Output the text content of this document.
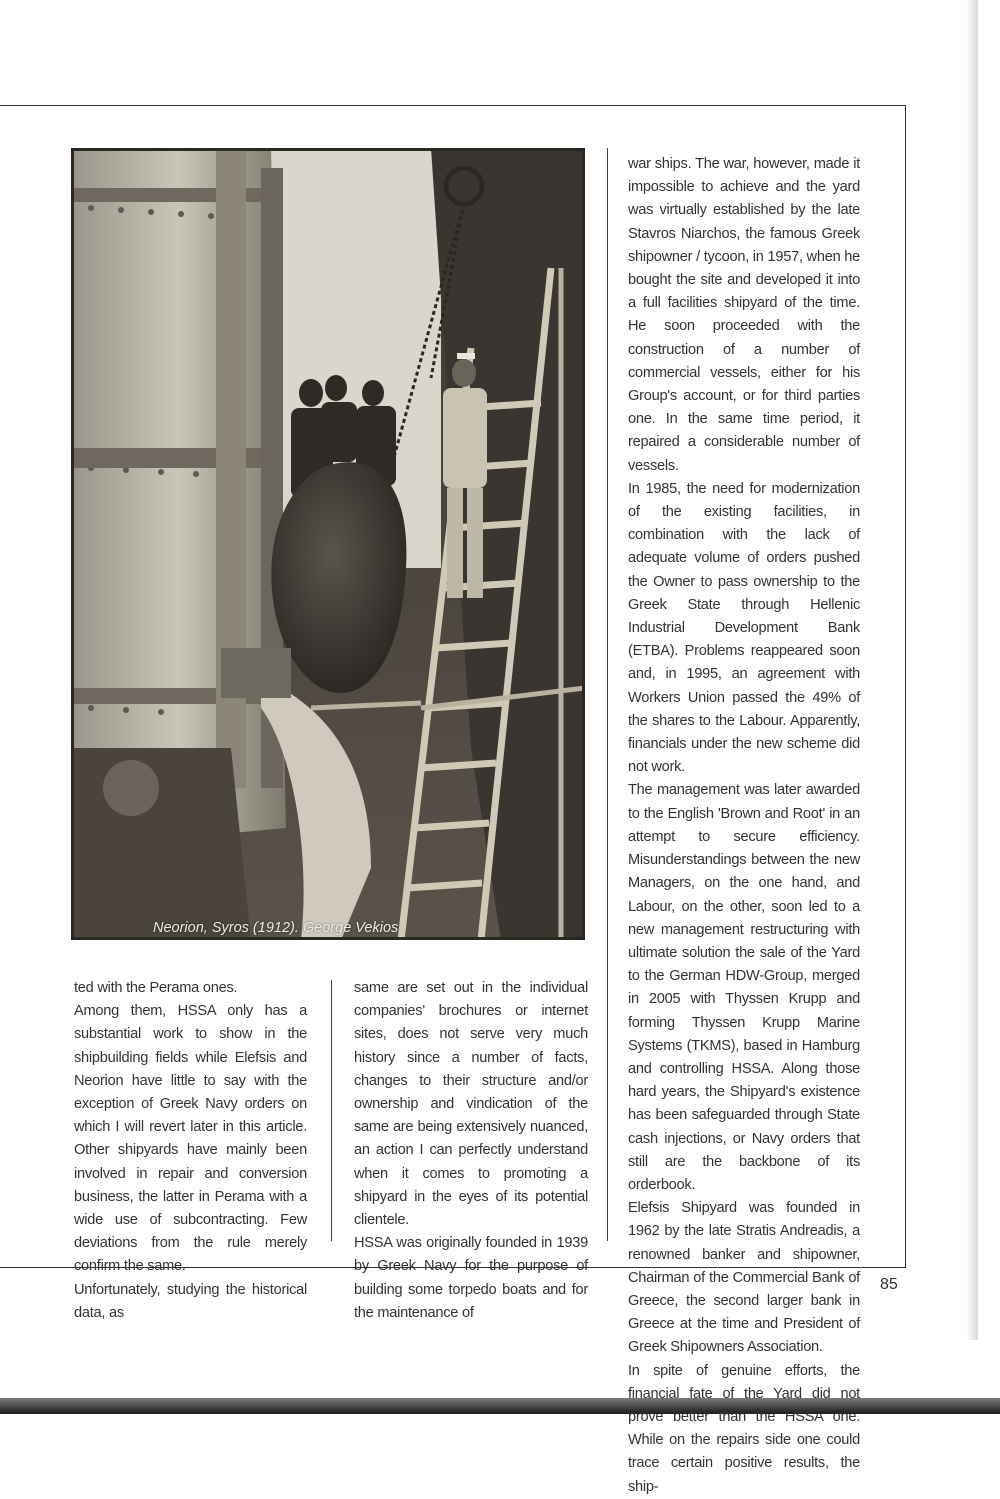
Neorion, Syros (1912). George Vekios

ted with the Perama ones.

Among them, HSSA only has a substantial work to show in the shipbuilding fields while Elefsis and Neorion have little to say with the exception of Greek Navy orders on which I will revert later in this article. Other shipyards have mainly been involved in repair and conversion business, the latter in Perama with a wide use of subcontracting. Few deviations from the rule merely confirm the same.

Unfortunately, studying the historical data, as

same are set out in the individual companies' brochures or internet sites, does not serve very much history since a number of facts, changes to their structure and/or ownership and vindication of the same are being extensively nuanced, an action I can perfectly understand when it comes to promoting a shipyard in the eyes of its potential clientele.

HSSA was originally founded in 1939 by Greek Navy for the purpose of building some torpedo boats and for the maintenance of

war ships. The war, however, made it impossible to achieve and the yard was virtually established by the late Stavros Niarchos, the famous Greek shipowner / tycoon, in 1957, when he bought the site and developed it into a full facilities shipyard of the time. He soon proceeded with the construction of a number of commercial vessels, either for his Group's account, or for third parties one. In the same time period, it repaired a considerable number of vessels.

In 1985, the need for modernization of the existing facilities, in combination with the lack of adequate volume of orders pushed the Owner to pass ownership to the Greek State through Hellenic Industrial Development Bank (ETBA). Problems reappeared soon and, in 1995, an agreement with Workers Union passed the 49% of the shares to the Labour. Apparently, financials under the new scheme did not work.

The management was later awarded to the English 'Brown and Root' in an attempt to secure efficiency. Misunderstandings between the new Managers, on the one hand, and Labour, on the other, soon led to a new management restructuring with ultimate solution the sale of the Yard to the German HDW-Group, merged in 2005 with Thyssen Krupp and forming Thyssen Krupp Marine Systems (TKMS), based in Hamburg and controlling HSSA. Along those hard years, the Shipyard's existence has been safeguarded through State cash injections, or Navy orders that still are the backbone of its orderbook.

Elefsis Shipyard was founded in 1962 by the late Stratis Andreadis, a renowned banker and shipowner, Chairman of the Commercial Bank of Greece, the second larger bank in Greece at the time and President of Greek Shipowners Association.

In spite of genuine efforts, the financial fate of the Yard did not prove better than the HSSA one. While on the repairs side one could trace certain positive results, the ship-

85
